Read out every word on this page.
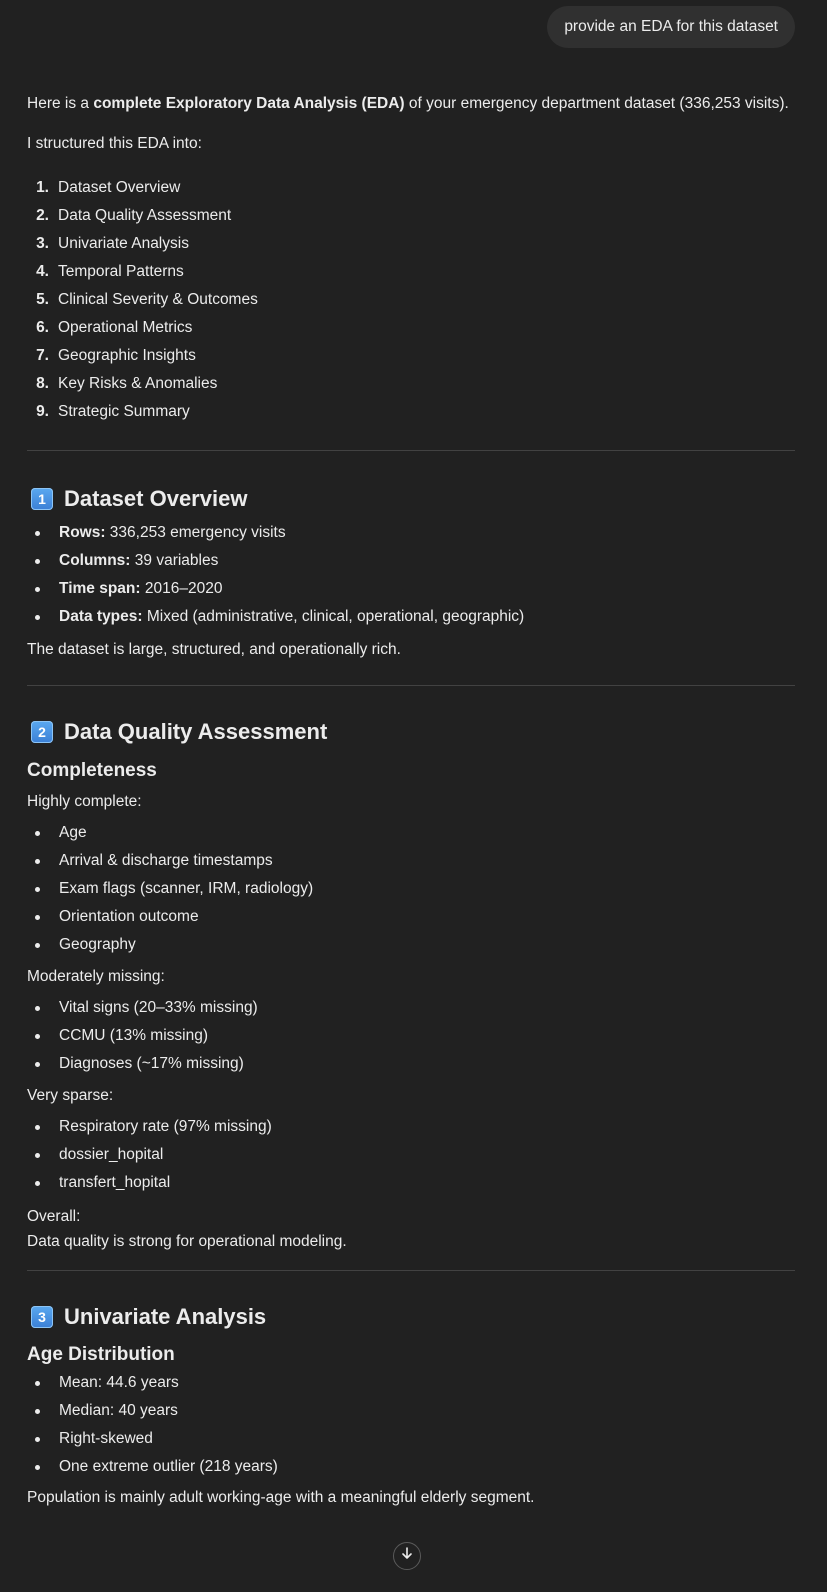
provide an EDA for this dataset

Here is a complete Exploratory Data Analysis (EDA) of your emergency department dataset (336,253 visits).

I structured this EDA into:

1. Dataset Overview
2. Data Quality Assessment
3. Univariate Analysis
4. Temporal Patterns
5. Clinical Severity & Outcomes
6. Operational Metrics
7. Geographic Insights
8. Key Risks & Anomalies
9. Strategic Summary
1 Dataset Overview
Rows: 336,253 emergency visits
Columns: 39 variables
Time span: 2016–2020
Data types: Mixed (administrative, clinical, operational, geographic)

The dataset is large, structured, and operationally rich.

2 Data Quality Assessment
Completeness
Highly complete:
Age
Arrival & discharge timestamps
Exam flags (scanner, IRM, radiology)
Orientation outcome
Geography
Moderately missing:
Vital signs (20–33% missing)
CCMU (13% missing)
Diagnoses (~17% missing)
Very sparse:
Respiratory rate (97% missing)
dossier_hopital
transfert_hopital
Overall:
Data quality is strong for operational modeling.
3 Univariate Analysis
Age Distribution
Mean: 44.6 years
Median: 40 years
Right-skewed
One extreme outlier (218 years)

Population is mainly adult working-age with a meaningful elderly segment.
